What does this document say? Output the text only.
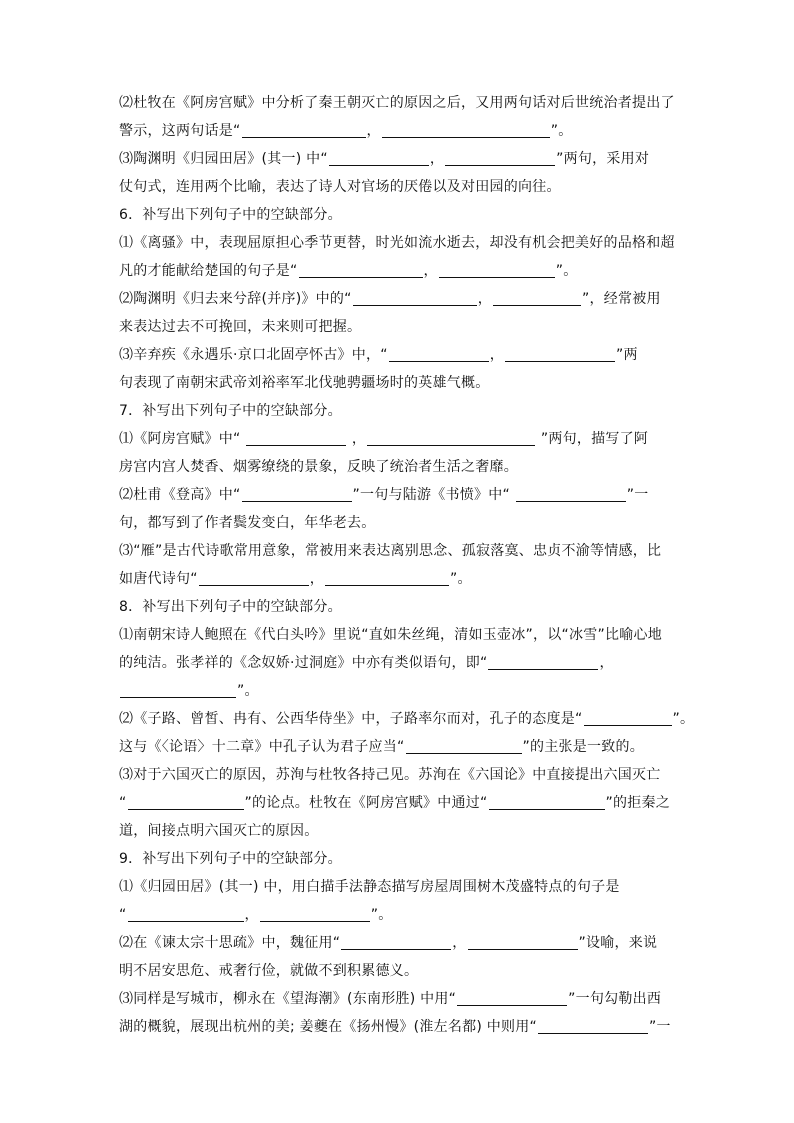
⑵杜牧在《阿房宫赋》中分析了秦王朝灭亡的原因之后，又用两句话对后世统治者提出了
警示，这两句话是“	，	”。
⑶陶渊明《归园田居》(其一) 中“	，	”两句，采用对
仗句式，连用两个比喻，表达了诗人对官场的厌倦以及对田园的向往。
6．补写出下列句子中的空缺部分。
⑴《离骚》中，表现屈原担心季节更替，时光如流水逝去，却没有机会把美好的品格和超
凡的才能献给楚国的句子是“	，	”。
⑵陶渊明《归去来兮辞(并序)》中的“	，	”，经常被用
来表达过去不可挽回，未来则可把握。
⑶辛弃疾《永遇乐·京口北固亭怀古》中，“	，	”两
句表现了南朝宋武帝刘裕率军北伐驰骋疆场时的英雄气概。
7．补写出下列句子中的空缺部分。
⑴《阿房宫赋》中“	，	”两句，描写了阿
房宫内宫人焚香、烟雾缭绕的景象，反映了统治者生活之奢靡。
⑵杜甫《登高》中“	”一句与陆游《书愤》中“	”一
句，都写到了作者鬓发变白，年华老去。
⑶“雁”是古代诗歌常用意象，常被用来表达离别思念、孤寂落寞、忠贞不渝等情感，比
如唐代诗句“	，	”。
8．补写出下列句子中的空缺部分。
⑴南朝宋诗人鲍照在《代白头吟》里说“直如朱丝绳，清如玉壶冰”，以“冰雪”比喻心地
的纯洁。张孝祥的《念奴娇·过洞庭》中亦有类似语句，即“	，
”。
⑵《子路、曾皙、冉有、公西华侍坐》中，子路率尔而对，孔子的态度是“	”。
这与《〈论语〉十二章》中孔子认为君子应当“	”的主张是一致的。
⑶对于六国灭亡的原因，苏洵与杜牧各持己见。苏洵在《六国论》中直接提出六国灭亡
“	”的论点。杜牧在《阿房宫赋》中通过“	”的拒秦之
道，间接点明六国灭亡的原因。
9．补写出下列句子中的空缺部分。
⑴《归园田居》(其一) 中，用白描手法静态描写房屋周围树木茂盛特点的句子是
“	，	”。
⑵在《谏太宗十思疏》中，魏征用“	，	”设喻，来说
明不居安思危、戒奢行俭，就做不到积累德义。
⑶同样是写城市，柳永在《望海潮》(东南形胜) 中用“	”一句勾勒出西
湖的概貌，展现出杭州的美; 姜夔在《扬州慢》(淮左名都) 中则用“	”一
